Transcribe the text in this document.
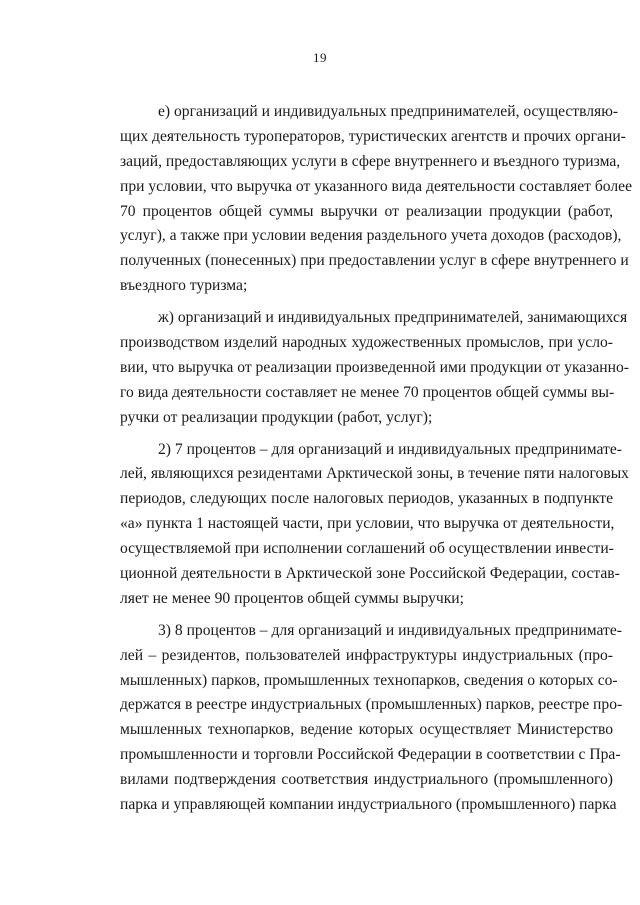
19
е) организаций и индивидуальных предпринимателей, осуществляю-
щих деятельность туроператоров, туристических агентств и прочих органи-
заций, предоставляющих услуги в сфере внутреннего и въездного туризма,
при условии, что выручка от указанного вида деятельности составляет более
70 процентов общей суммы выручки от реализации продукции (работ,
услуг), а также при условии ведения раздельного учета доходов (расходов),
полученных (понесенных) при предоставлении услуг в сфере внутреннего и
въездного туризма;
ж) организаций и индивидуальных предпринимателей, занимающихся
производством изделий народных художественных промыслов, при усло-
вии, что выручка от реализации произведенной ими продукции от указанно-
го вида деятельности составляет не менее 70 процентов общей суммы вы-
ручки от реализации продукции (работ, услуг);
2) 7 процентов – для организаций и индивидуальных предпринимате-
лей, являющихся резидентами Арктической зоны, в течение пяти налоговых
периодов, следующих после налоговых периодов, указанных в подпункте
«а» пункта 1 настоящей части, при условии, что выручка от деятельности,
осуществляемой при исполнении соглашений об осуществлении инвести-
ционной деятельности в Арктической зоне Российской Федерации, состав-
ляет не менее 90 процентов общей суммы выручки;
3) 8 процентов – для организаций и индивидуальных предпринимате-
лей – резидентов, пользователей инфраструктуры индустриальных (про-
мышленных) парков, промышленных технопарков, сведения о которых со-
держатся в реестре индустриальных (промышленных) парков, реестре про-
мышленных технопарков, ведение которых осуществляет Министерство
промышленности и торговли Российской Федерации в соответствии с Пра-
вилами подтверждения соответствия индустриального (промышленного)
парка и управляющей компании индустриального (промышленного) парка
